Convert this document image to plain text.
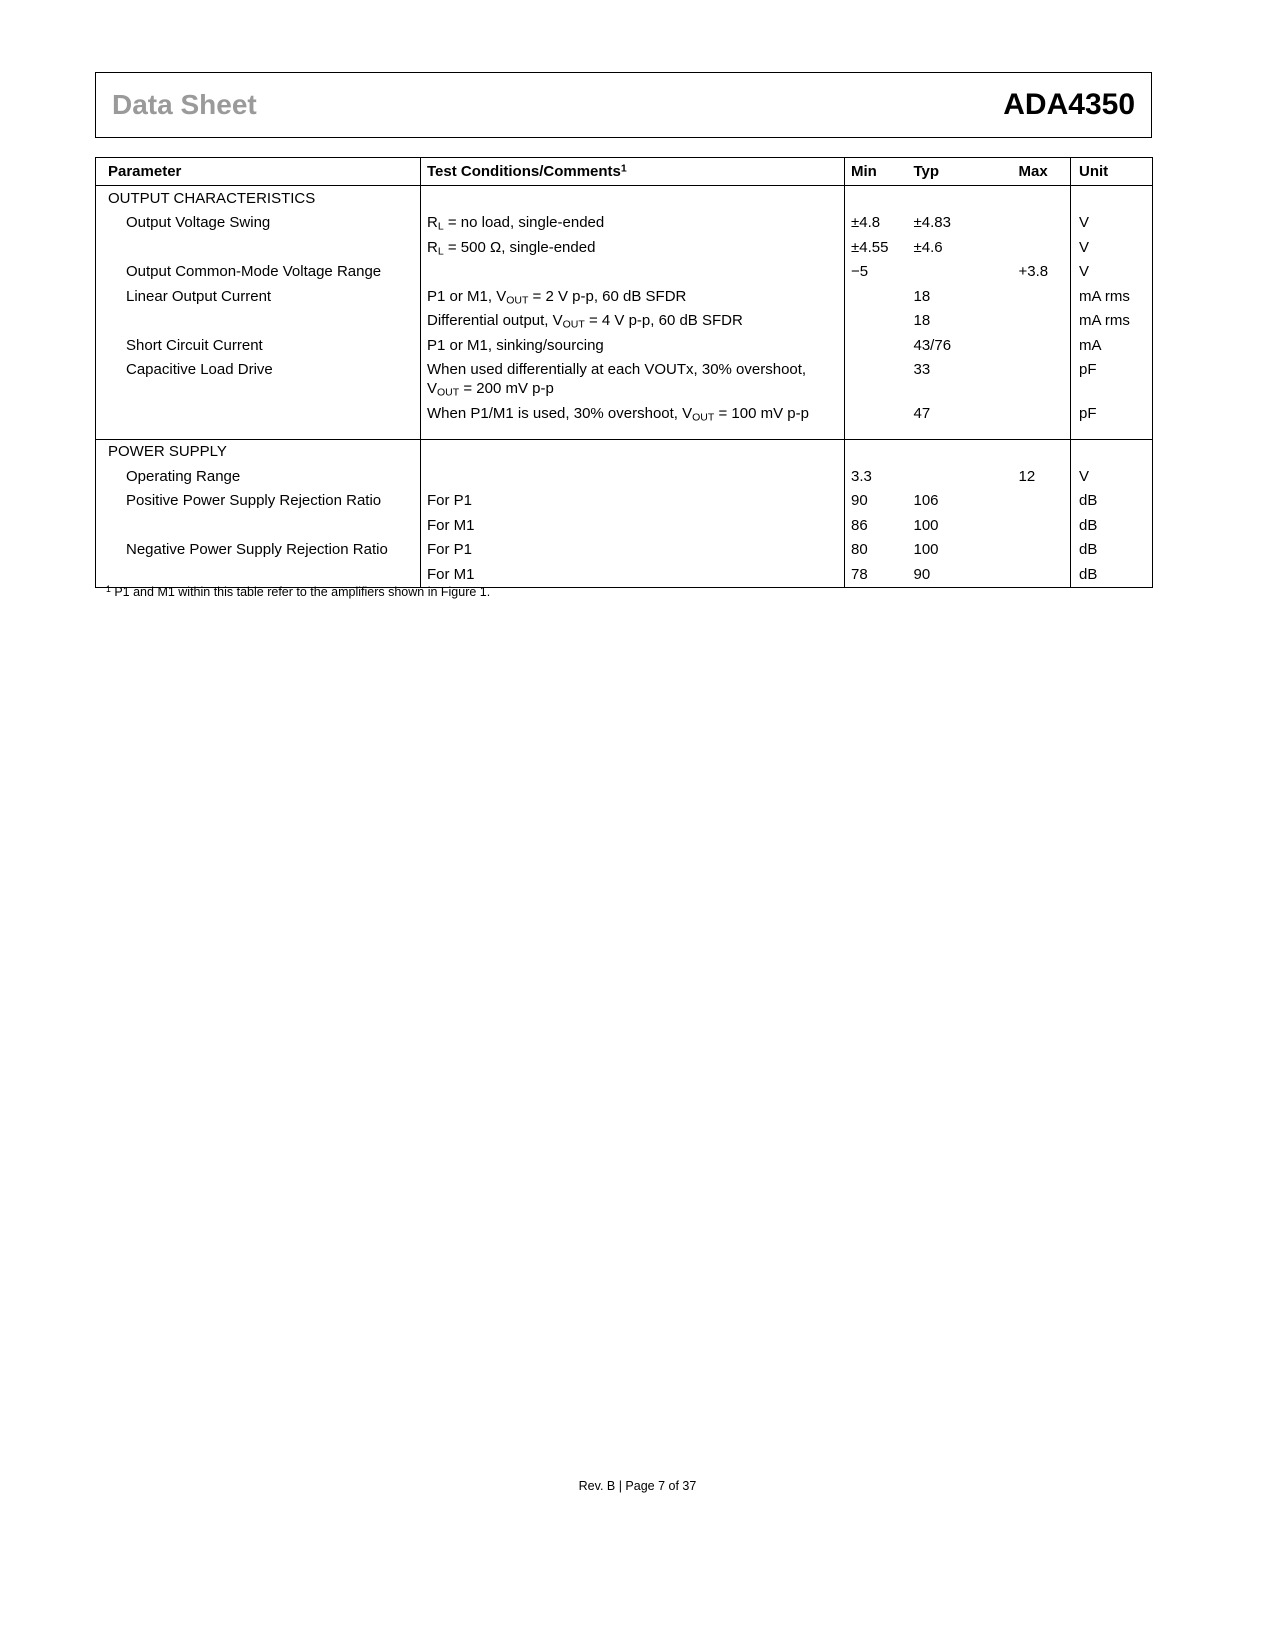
Data Sheet	ADA4350
Parameter	Test Conditions/Comments$^1$	Min	Typ	Max	Unit
OUTPUT CHARACTERISTICS					
Output Voltage Swing	$R_L$ = no load, single-ended	±4.8	±4.83		V
	$R_L = 500$ Ω, single-ended	±4.55	±4.6		V
Output Common-Mode Voltage Range		−5		+3.8	V
Linear Output Current	P1 or M1, $V_{OUT} = 2$ V p-p, 60 dB SFDR		18		mA rms
	Differential output, $V_{OUT} = 4$ V p-p, 60 dB SFDR		18		mA rms
Short Circuit Current	P1 or M1, sinking/sourcing		43/76		mA
Capacitive Load Drive	When used differentially at each VOUTx, 30% overshoot, $V_{OUT} = 200$ mV p-p		33		pF
	When P1/M1 is used, 30% overshoot, $V_{OUT} = 100$ mV p-p		47		pF
POWER SUPPLY					
Operating Range		3.3		12	V
Positive Power Supply Rejection Ratio	For P1	90	106		dB
	For M1	86	100		dB
Negative Power Supply Rejection Ratio	For P1	80	100		dB
	For M1	78	90		dB
$^1$ P1 and M1 within this table refer to the amplifiers shown in Figure 1.
Rev. B | Page 7 of 37
